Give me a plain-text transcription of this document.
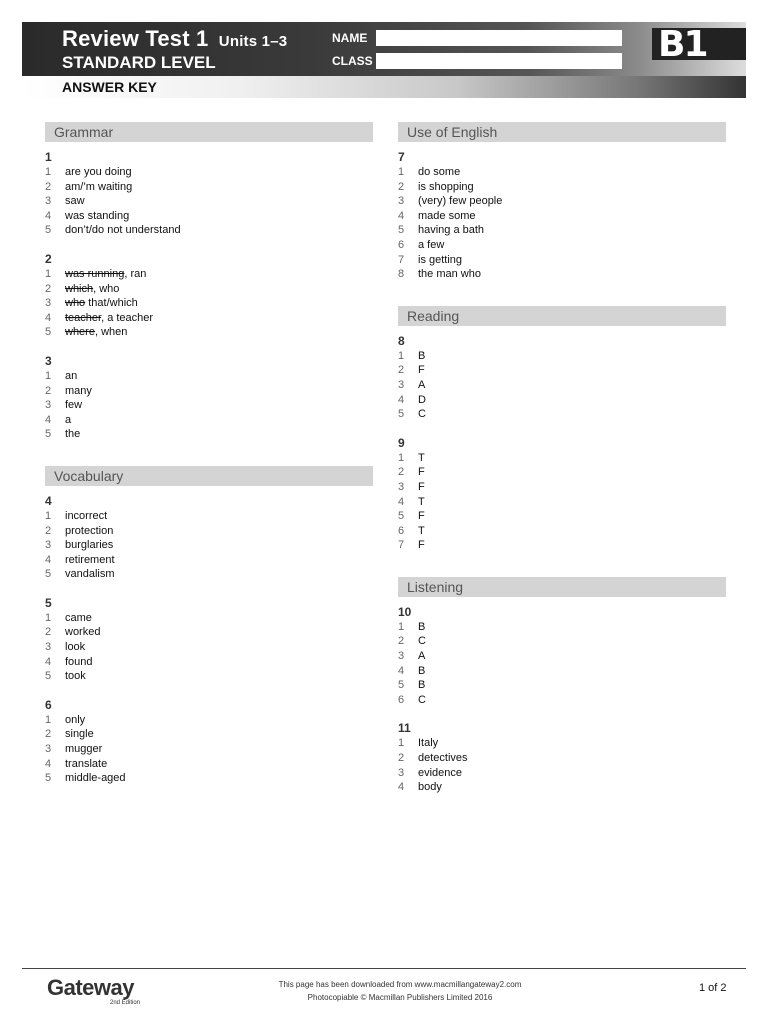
Review Test 1 Units 1–3
STANDARD LEVEL
NAME
CLASS	B1
ANSWER KEY
Grammar
1
1	are you doing
2	am/’m waiting
3	saw
4	was standing
5	don’t/do not understand
2
1	was running, ran
2	which, who
3	who that/which
4	teacher, a teacher
5	where, when
3
1	an
2	many
3	few
4	a
5	the
Vocabulary
4
1	incorrect
2	protection
3	burglaries
4	retirement
5	vandalism
5
1	came
2	worked
3	look
4	found
5	took
6
1	only
2	single
3	mugger
4	translate
5	middle-aged
Use of English
7
1	do some
2	is shopping
3	(very) few people
4	made some
5	having a bath
6	a few
7	is getting
8	the man who
Reading
8
1	B
2	F
3	A
4	D
5	C
9
1	T
2	F
3	F
4	T
5	F
6	T
7	F
Listening
10
1	B
2	C
3	A
4	B
5	B
6	C
11
1	Italy
2	detectives
3	evidence
4	body
Gateway
2nd Edition
This page has been downloaded from www.macmillangateway2.com
Photocopiable © Macmillan Publishers Limited 2016
1 of 2
